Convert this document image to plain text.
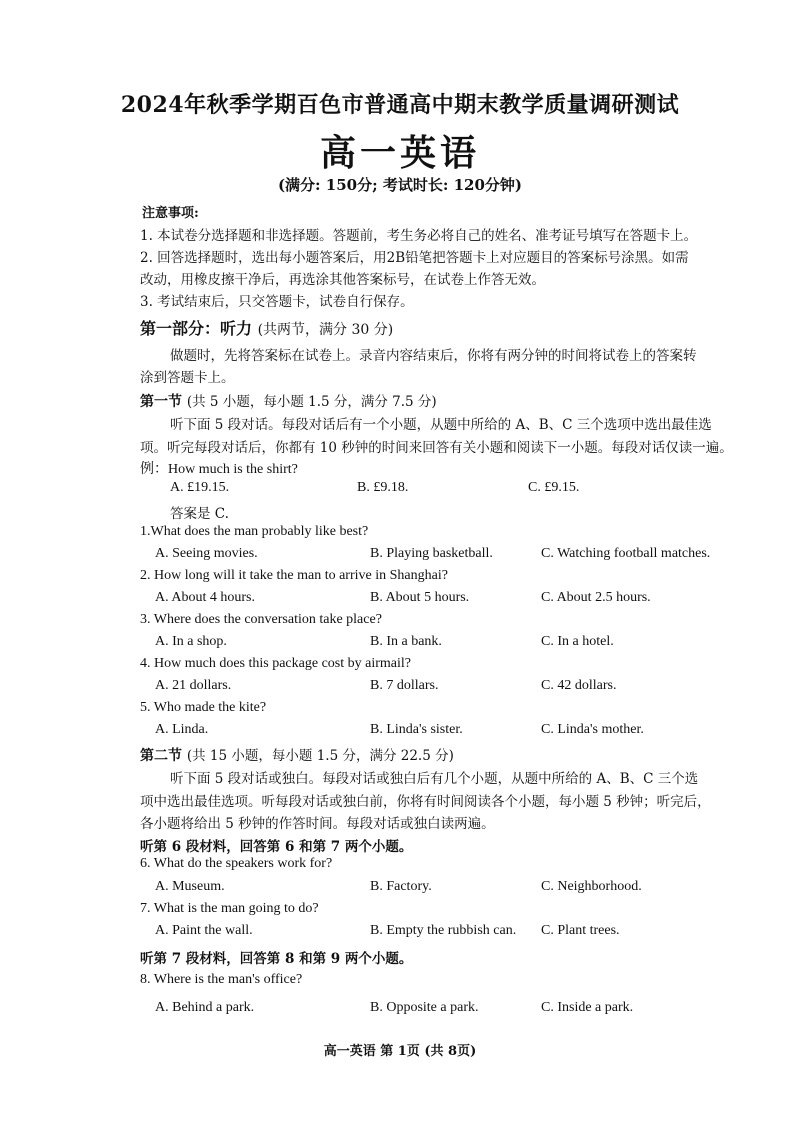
2024年秋季学期百色市普通高中期末教学质量调研测试
高一英语
(满分: 150分; 考试时长: 120分钟)
注意事项:
1. 本试卷分选择题和非选择题。答题前，考生务必将自己的姓名、准考证号填写在答题卡上。
2. 回答选择题时，选出每小题答案后，用2B铅笔把答题卡上对应题目的答案标号涂黑。如需
改动，用橡皮擦干净后，再选涂其他答案标号，在试卷上作答无效。
3. 考试结束后，只交答题卡，试卷自行保存。
第一部分：听力 (共两节，满分 30 分)
做题时，先将答案标在试卷上。录音内容结束后，你将有两分钟的时间将试卷上的答案转
涂到答题卡上。
第一节 (共 5 小题，每小题 1.5 分，满分 7.5 分)
听下面 5 段对话。每段对话后有一个小题，从题中所给的 A、B、C 三个选项中选出最佳选
项。听完每段对话后，你都有 10 秒钟的时间来回答有关小题和阅读下一小题。每段对话仅读一遍。
例：How much is the shirt?
A. £19.15.	B. £9.18.	C. £9.15.
答案是 C.
1.What does the man probably like best?
A. Seeing movies.	B. Playing basketball.	C. Watching football matches.
2. How long will it take the man to arrive in Shanghai?
A. About 4 hours.	B. About 5 hours.	C. About 2.5 hours.
3. Where does the conversation take place?
A. In a shop.	B. In a bank.	C. In a hotel.
4. How much does this package cost by airmail?
A. 21 dollars.	B. 7 dollars.	C. 42 dollars.
5. Who made the kite?
A. Linda.	B. Linda's sister.	C. Linda's mother.
第二节 (共 15 小题，每小题 1.5 分，满分 22.5 分)
听下面 5 段对话或独白。每段对话或独白后有几个小题，从题中所给的 A、B、C 三个选
项中选出最佳选项。听每段对话或独白前，你将有时间阅读各个小题，每小题 5 秒钟；听完后，
各小题将给出 5 秒钟的作答时间。每段对话或独白读两遍。
听第 6 段材料，回答第 6 和第 7 两个小题。
6. What do the speakers work for?
A. Museum.	B. Factory.	C. Neighborhood.
7. What is the man going to do?
A. Paint the wall.	B. Empty the rubbish can. C. Plant trees.
听第 7 段材料，回答第 8 和第 9 两个小题。
8. Where is the man's office?
A. Behind a park.	B. Opposite a park.	C. Inside a park.
高一英语 第 1页 (共 8页)
